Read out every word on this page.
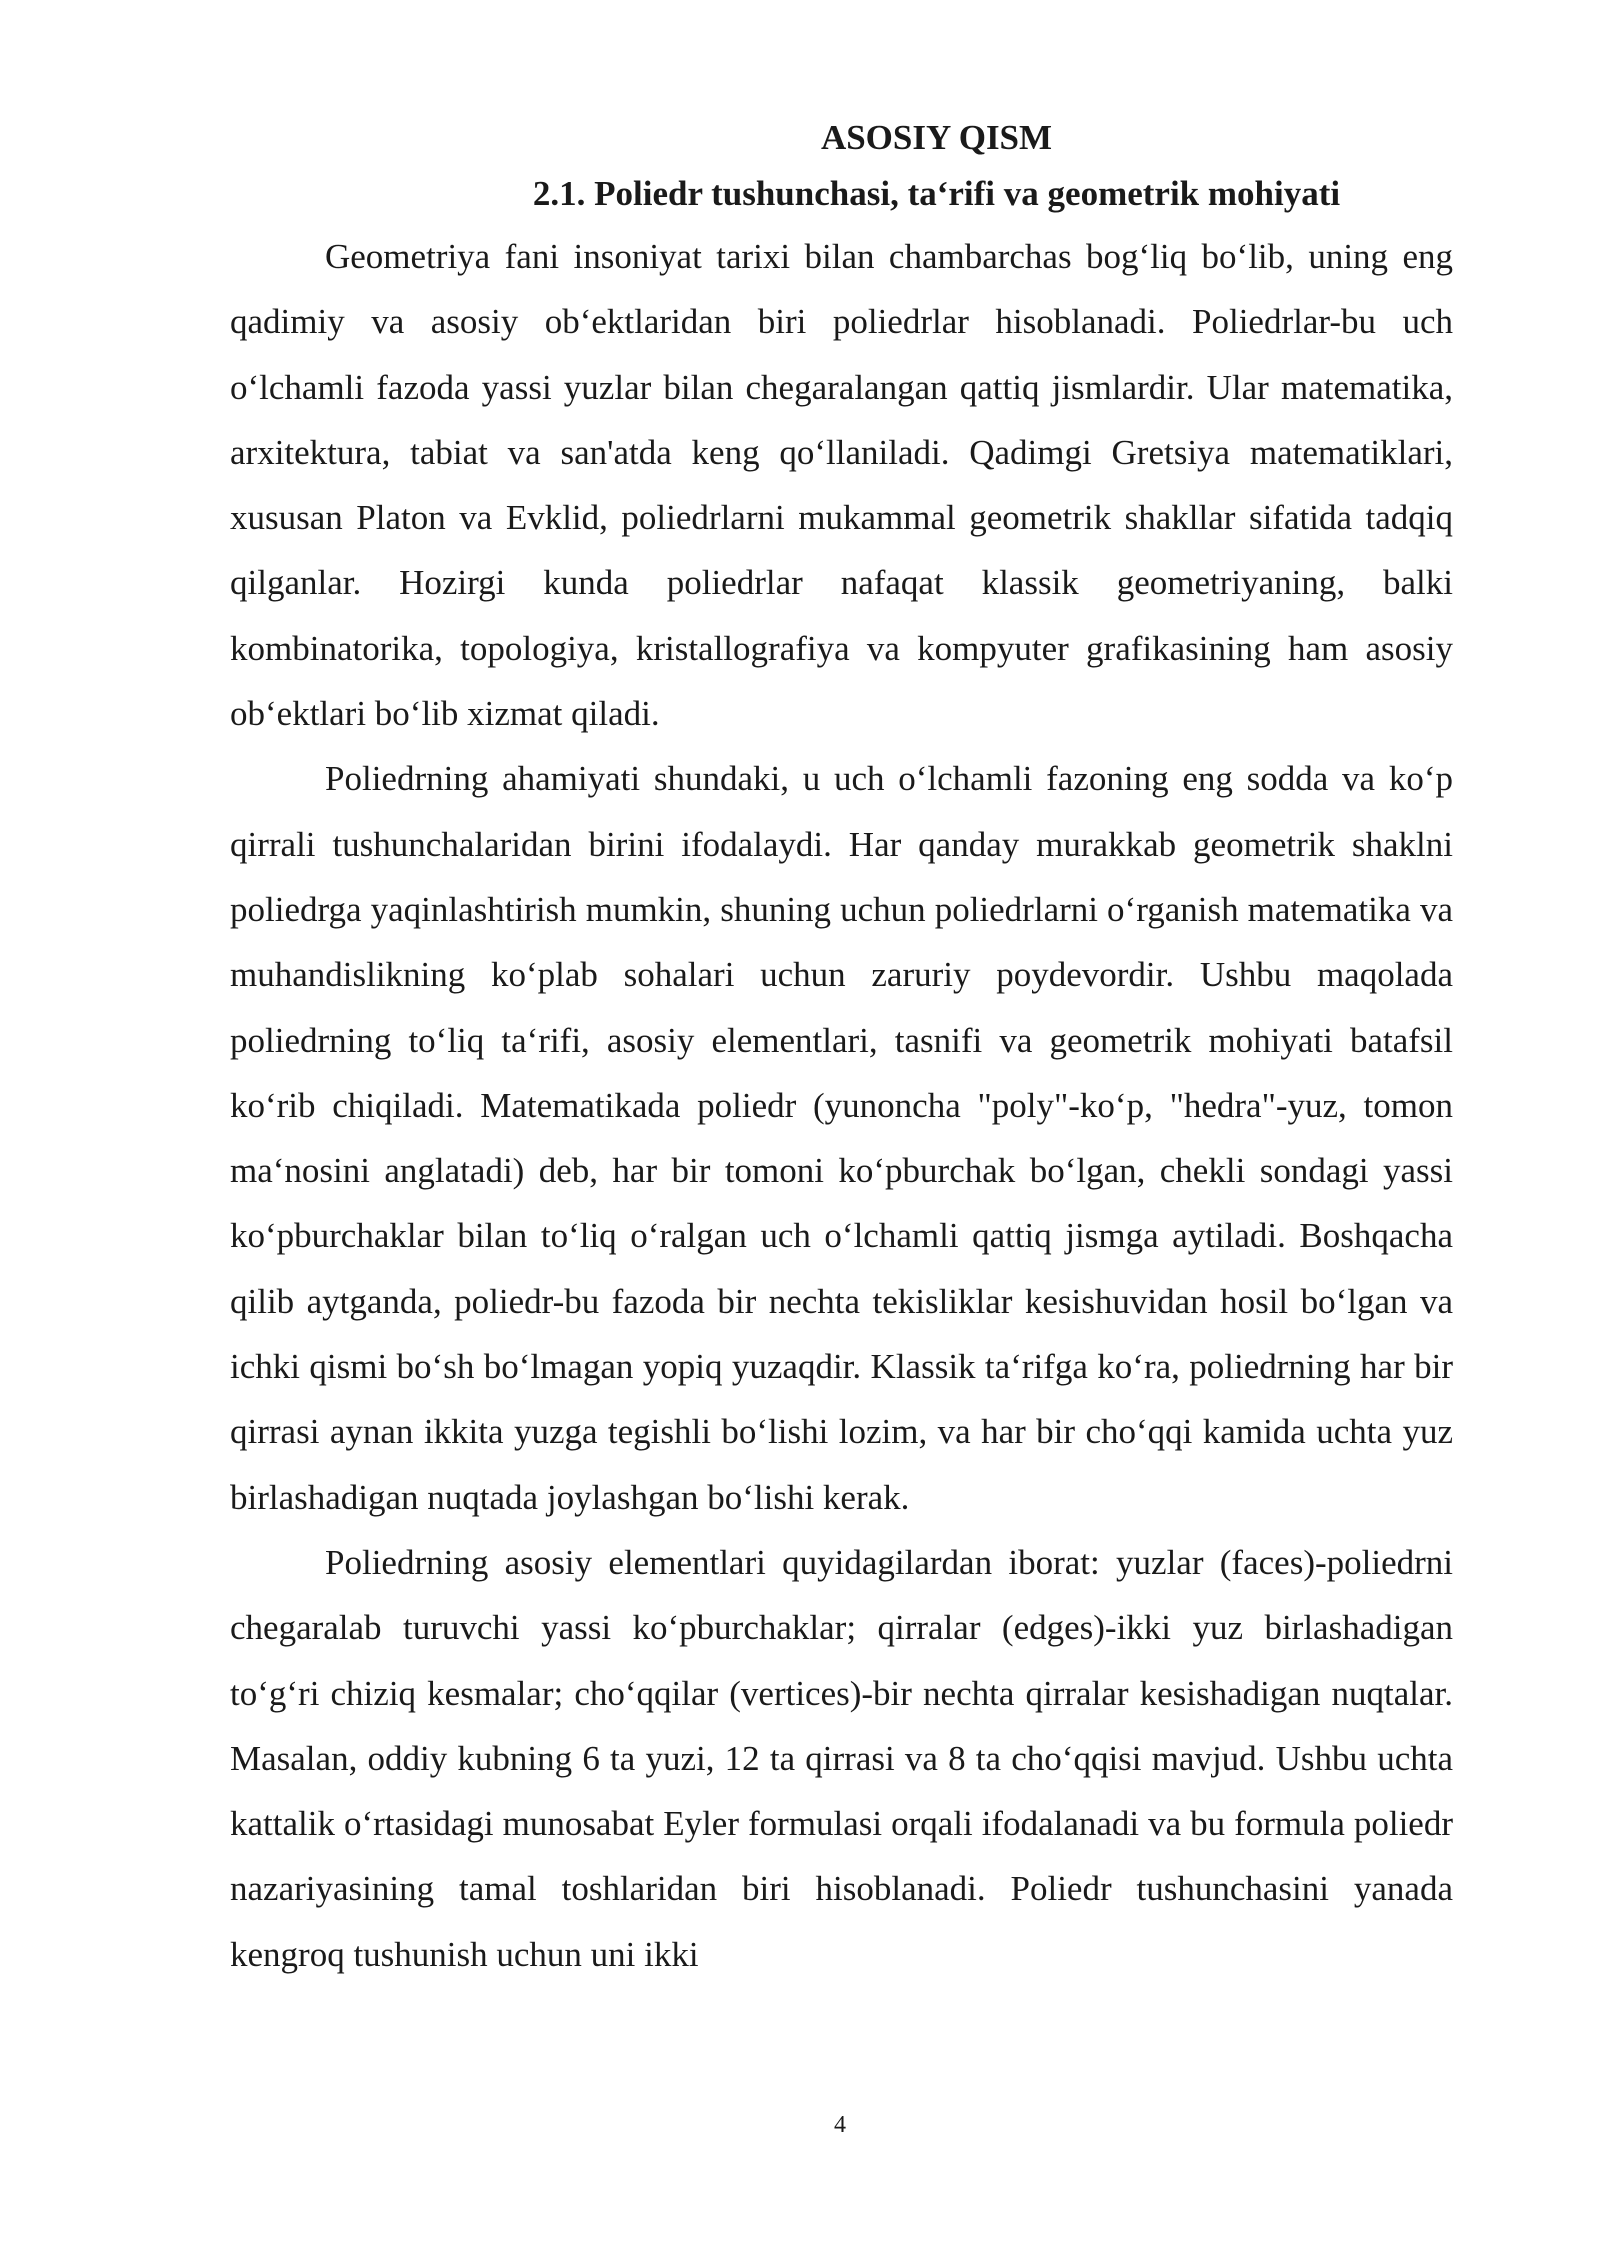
ASOSIY QISM
2.1. Poliedr tushunchasi, ta‘rifi va geometrik mohiyati

Geometriya fani insoniyat tarixi bilan chambarchas bog‘liq bo‘lib, uning eng qadimiy va asosiy ob‘ektlaridan biri poliedrlar hisoblanadi. Poliedrlar-bu uch o‘lchamli fazoda yassi yuzlar bilan chegaralangan qattiq jismlardir. Ular matematika, arxitektura, tabiat va san'atda keng qo‘llaniladi. Qadimgi Gretsiya matematiklari, xususan Platon va Evklid, poliedrlarni mukammal geometrik shakllar sifatida tadqiq qilganlar. Hozirgi kunda poliedrlar nafaqat klassik geometriyaning, balki kombinatorika, topologiya, kristallografiya va kompyuter grafikasining ham asosiy ob‘ektlari bo‘lib xizmat qiladi.

Poliedrning ahamiyati shundaki, u uch o‘lchamli fazoning eng sodda va ko‘p qirrali tushunchalaridan birini ifodalaydi. Har qanday murakkab geometrik shaklni poliedrga yaqinlashtirish mumkin, shuning uchun poliedrlarni o‘rganish matematika va muhandislikning ko‘plab sohalari uchun zaruriy poydevordir. Ushbu maqolada poliedrning to‘liq ta‘rifi, asosiy elementlari, tasnifi va geometrik mohiyati batafsil ko‘rib chiqiladi. Matematikada poliedr (yunoncha "poly"-ko‘p, "hedra"-yuz, tomon ma‘nosini anglatadi) deb, har bir tomoni ko‘pburchak bo‘lgan, chekli sondagi yassi ko‘pburchaklar bilan to‘liq o‘ralgan uch o‘lchamli qattiq jismga aytiladi. Boshqacha qilib aytganda, poliedr-bu fazoda bir nechta tekisliklar kesishuvidan hosil bo‘lgan va ichki qismi bo‘sh bo‘lmagan yopiq yuzaqdir. Klassik ta‘rifga ko‘ra, poliedrning har bir qirrasi aynan ikkita yuzga tegishli bo‘lishi lozim, va har bir cho‘qqi kamida uchta yuz birlashadigan nuqtada joylashgan bo‘lishi kerak.

Poliedrning asosiy elementlari quyidagilardan iborat: yuzlar (faces)-poliedrni chegaralab turuvchi yassi ko‘pburchaklar; qirralar (edges)-ikki yuz birlashadigan to‘g‘ri chiziq kesmalar; cho‘qqilar (vertices)-bir nechta qirralar kesishadigan nuqtalar. Masalan, oddiy kubning 6 ta yuzi, 12 ta qirrasi va 8 ta cho‘qqisi mavjud. Ushbu uchta kattalik o‘rtasidagi munosabat Eyler formulasi orqali ifodalanadi va bu formula poliedr nazariyasining tamal toshlaridan biri hisoblanadi. Poliedr tushunchasini yanada kengroq tushunish uchun uni ikki

4
